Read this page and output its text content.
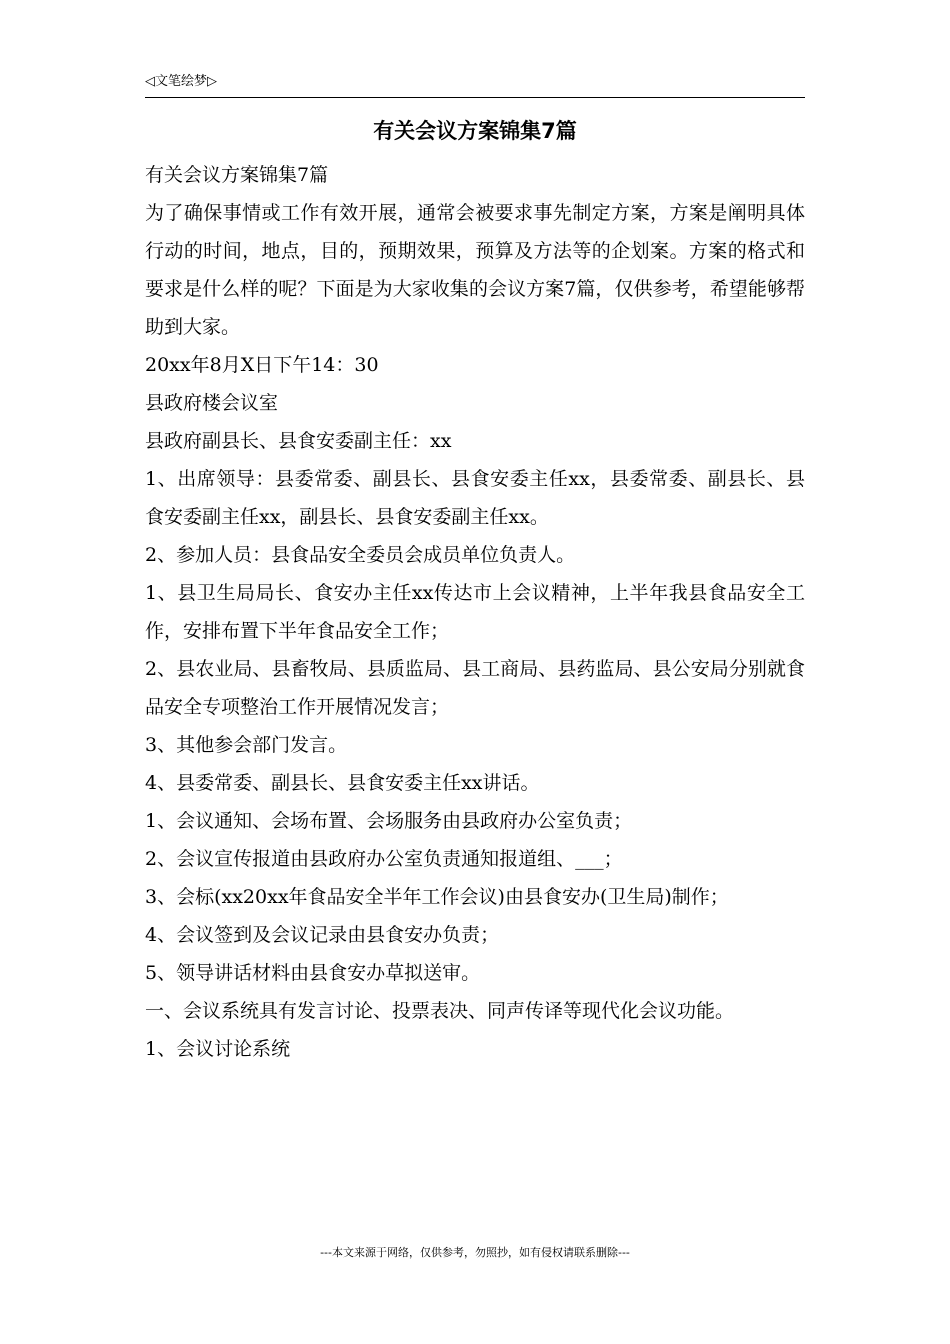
◁文笔绘梦▷
有关会议方案锦集7篇

有关会议方案锦集7篇

为了确保事情或工作有效开展，通常会被要求事先制定方案，方案是阐明具体行动的时间，地点，目的，预期效果，预算及方法等的企划案。方案的格式和要求是什么样的呢？下面是为大家收集的会议方案7篇，仅供参考，希望能够帮助到大家。

20xx年8月X日下午14：30

县政府楼会议室

县政府副县长、县食安委副主任：xx

1、出席领导：县委常委、副县长、县食安委主任xx，县委常委、副县长、县食安委副主任xx，副县长、县食安委副主任xx。

2、参加人员：县食品安全委员会成员单位负责人。

1、县卫生局局长、食安办主任xx传达市上会议精神，上半年我县食品安全工作，安排布置下半年食品安全工作；

2、县农业局、县畜牧局、县质监局、县工商局、县药监局、县公安局分别就食品安全专项整治工作开展情况发言；

3、其他参会部门发言。

4、县委常委、副县长、县食安委主任xx讲话。

1、会议通知、会场布置、会场服务由县政府办公室负责；

2、会议宣传报道由县政府办公室负责通知报道组、___；

3、会标(xx20xx年食品安全半年工作会议)由县食安办(卫生局)制作；

4、会议签到及会议记录由县食安办负责；

5、领导讲话材料由县食安办草拟送审。

一、会议系统具有发言讨论、投票表决、同声传译等现代化会议功能。

1、会议讨论系统

---本文来源于网络，仅供参考，勿照抄，如有侵权请联系删除---
